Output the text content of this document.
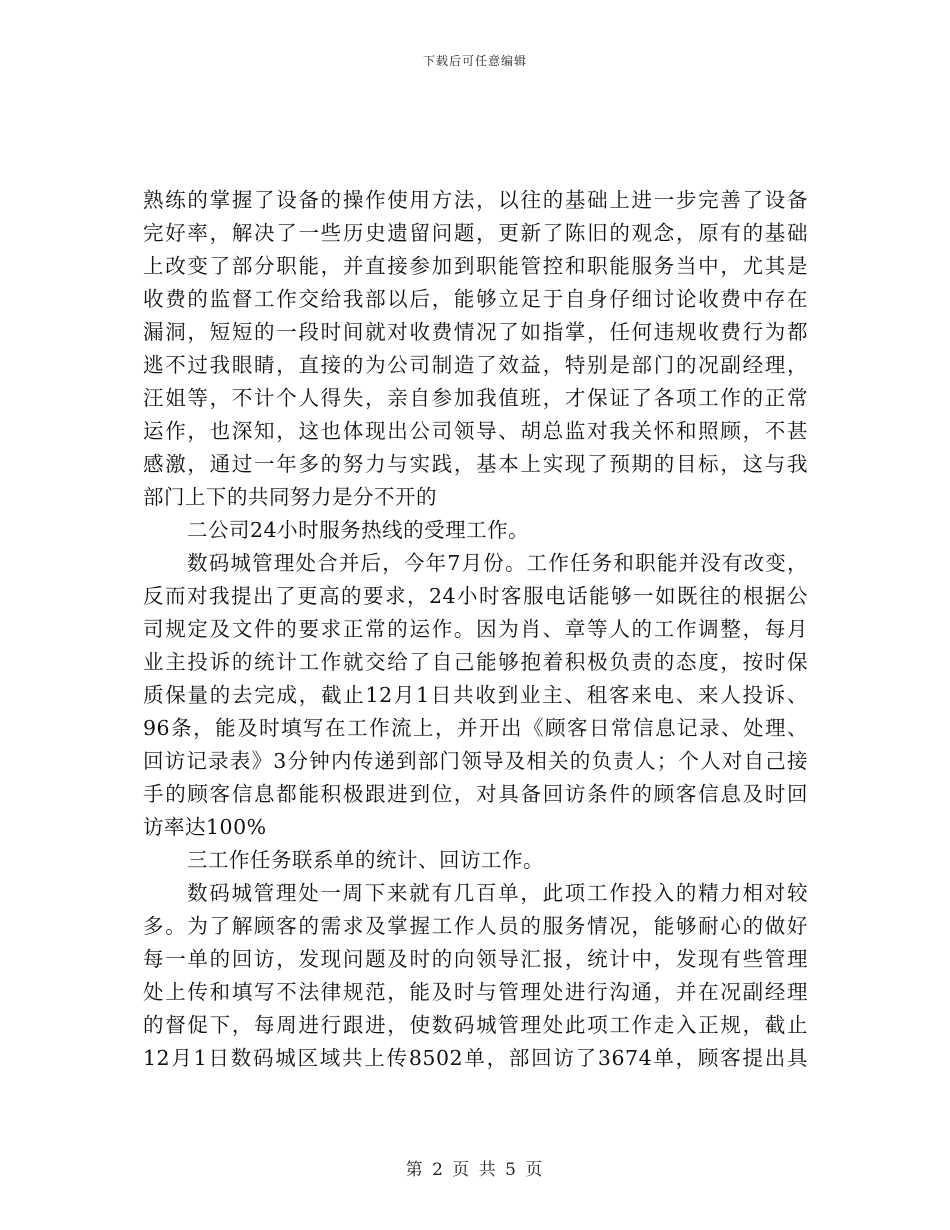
下载后可任意编辑
熟练的掌握了设备的操作使用方法，以往的基础上进一步完善了设备
完好率，解决了一些历史遗留问题，更新了陈旧的观念，原有的基础
上改变了部分职能，并直接参加到职能管控和职能服务当中，尤其是
收费的监督工作交给我部以后，能够立足于自身仔细讨论收费中存在
漏洞，短短的一段时间就对收费情况了如指掌，任何违规收费行为都
逃不过我眼睛，直接的为公司制造了效益，特别是部门的况副经理，
汪姐等，不计个人得失，亲自参加我值班，才保证了各项工作的正常
运作，也深知，这也体现出公司领导、胡总监对我关怀和照顾，不甚
感激，通过一年多的努力与实践，基本上实现了预期的目标，这与我
部门上下的共同努力是分不开的
二公司24小时服务热线的受理工作。
数码城管理处合并后，今年7月份。工作任务和职能并没有改变，
反而对我提出了更高的要求，24小时客服电话能够一如既往的根据公
司规定及文件的要求正常的运作。因为肖、章等人的工作调整，每月
业主投诉的统计工作就交给了自己能够抱着积极负责的态度，按时保
质保量的去完成，截止12月1日共收到业主、租客来电、来人投诉、
96条，能及时填写在工作流上，并开出《顾客日常信息记录、处理、
回访记录表》3分钟内传递到部门领导及相关的负责人；个人对自己接
手的顾客信息都能积极跟进到位，对具备回访条件的顾客信息及时回
访率达100%
三工作任务联系单的统计、回访工作。
数码城管理处一周下来就有几百单，此项工作投入的精力相对较
多。为了解顾客的需求及掌握工作人员的服务情况，能够耐心的做好
每一单的回访，发现问题及时的向领导汇报，统计中，发现有些管理
处上传和填写不法律规范，能及时与管理处进行沟通，并在况副经理
的督促下，每周进行跟进，使数码城管理处此项工作走入正规，截止
12月1日数码城区域共上传8502单，部回访了3674单，顾客提出具
第 2 页 共 5 页
